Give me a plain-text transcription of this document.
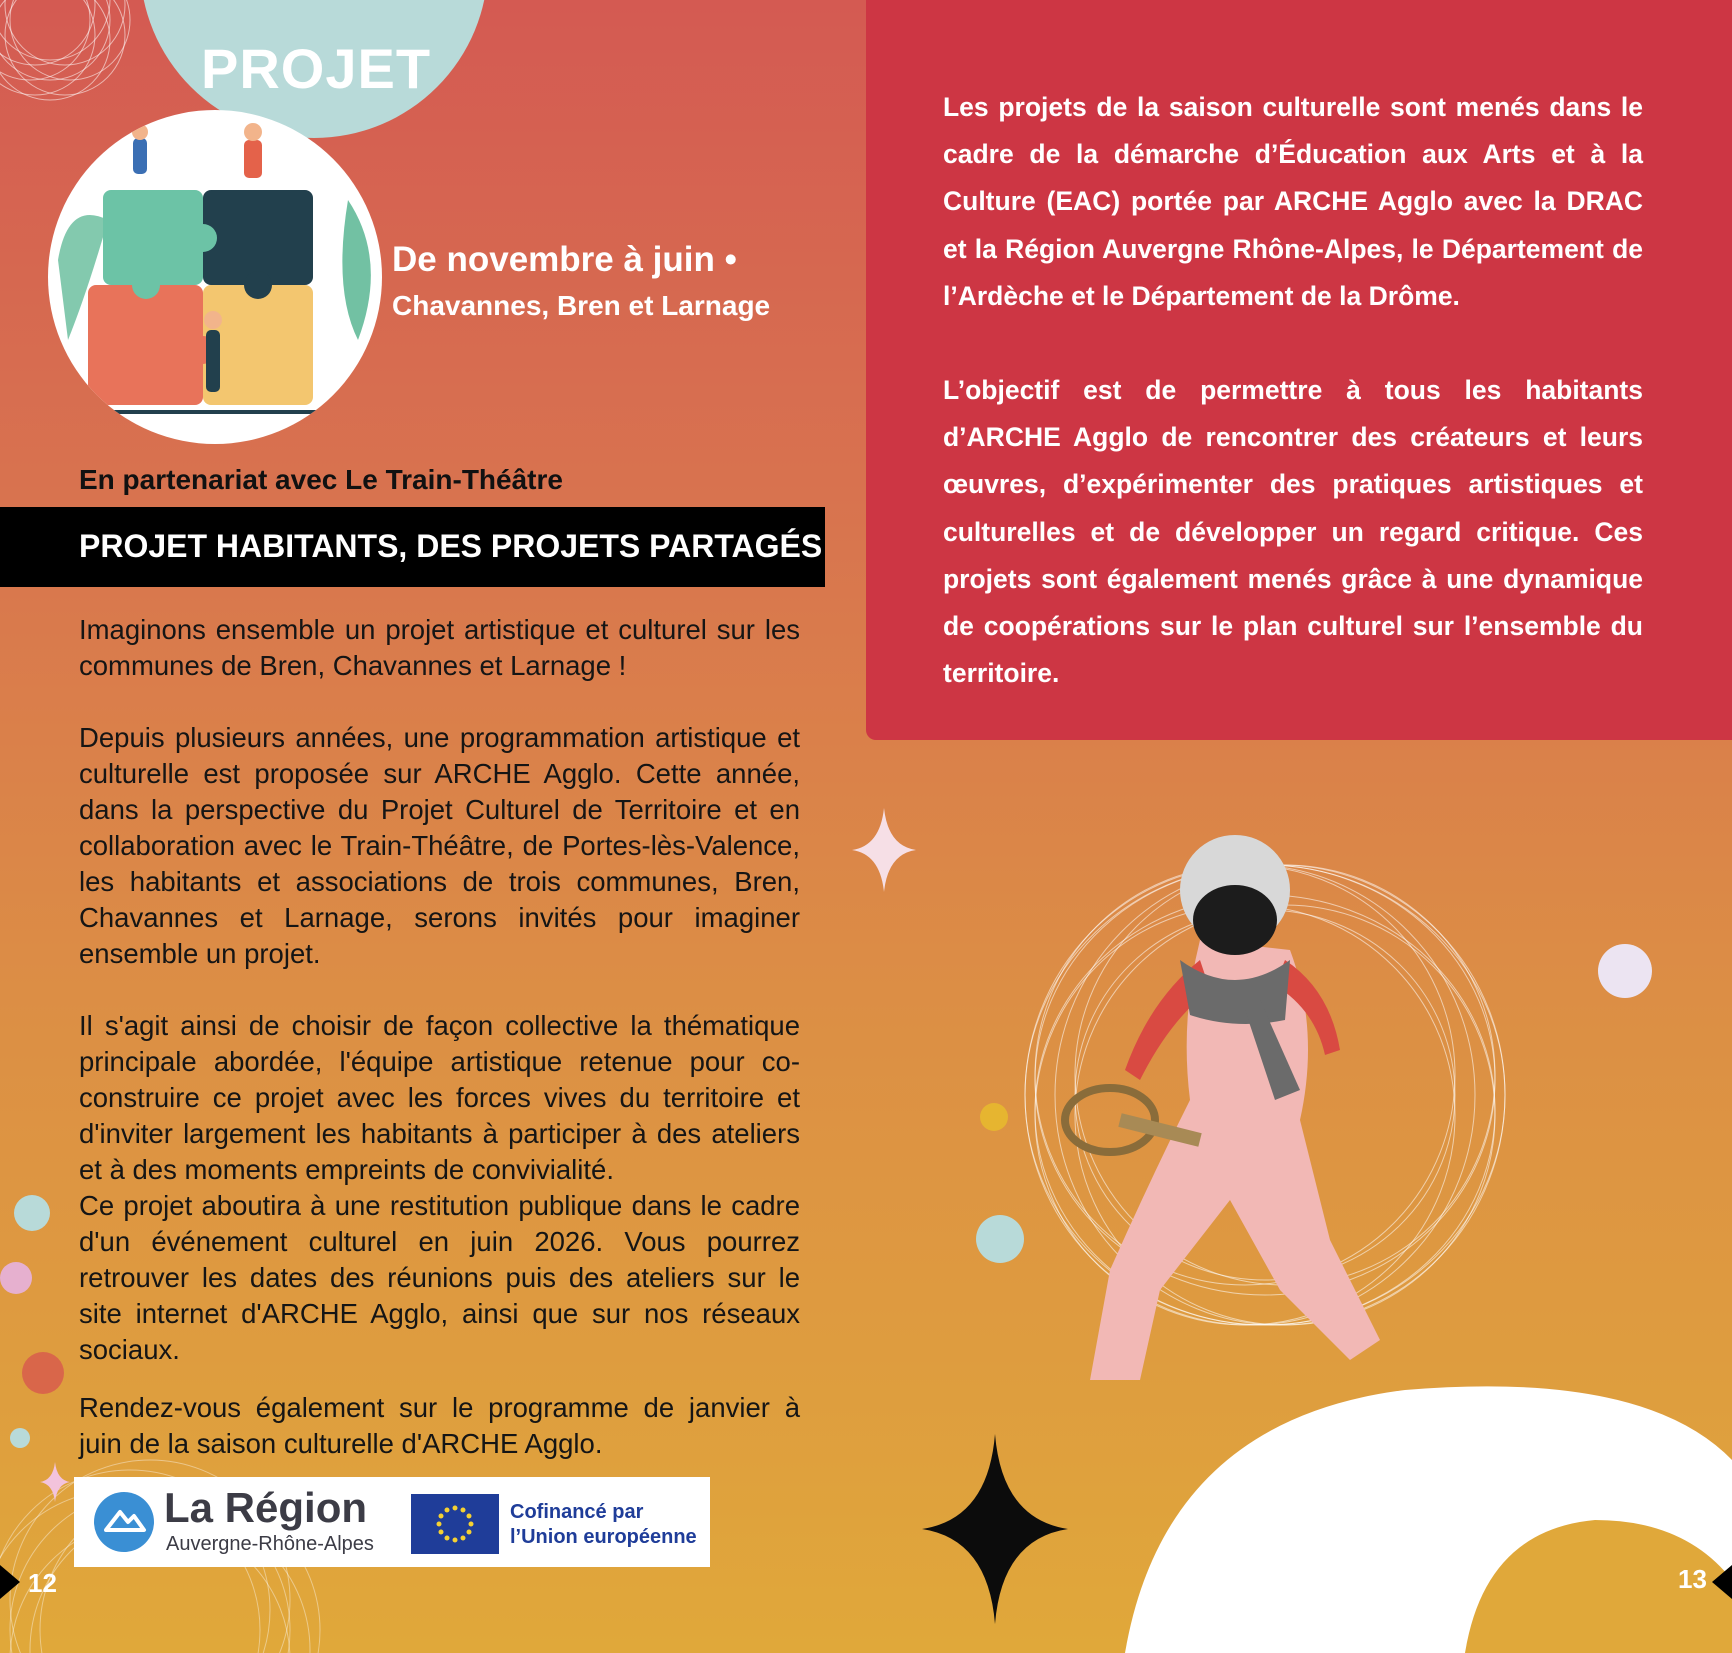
PROJET
De novembre à juin •
Chavannes, Bren et Larnage
En partenariat avec Le Train-Théâtre
PROJET HABITANTS, DES PROJETS PARTAGÉS

Imaginons ensemble un projet artistique et culturel sur les communes de Bren, Chavannes et Larnage !

Depuis plusieurs années, une programmation artistique et culturelle est proposée sur ARCHE Agglo. Cette année, dans la perspective du Projet Culturel de Territoire et en collaboration avec le Train-Théâtre, de Portes-lès-Valence, les habitants et associations de trois communes, Bren, Chavannes et Larnage, serons invités pour imaginer ensemble un projet.

Il s'agit ainsi de choisir de façon collective la thématique principale abordée, l'équipe artistique retenue pour co-construire ce projet avec les forces vives du territoire et d'inviter largement les habitants à participer à des ateliers et à des moments empreints de convivialité.

Ce projet aboutira à une restitution publique dans le cadre d'un événement culturel en juin 2026. Vous pourrez retrouver les dates des réunions puis des ateliers sur le site internet d'ARCHE Agglo, ainsi que sur nos réseaux sociaux.

Rendez-vous également sur le programme de janvier à juin de la saison culturelle d'ARCHE Agglo.

Les projets de la saison culturelle sont menés dans le cadre de la démarche d’Éducation aux Arts et à la Culture (EAC) portée par ARCHE Agglo avec la DRAC et la Région Auvergne Rhône-Alpes, le Département de l’Ardèche et le Département de la Drôme.

L’objectif est de permettre à tous les habitants d’ARCHE Agglo de rencontrer des créateurs et leurs œuvres, d’expérimenter des pratiques artistiques et culturelles et de développer un regard critique. Ces projets sont également menés grâce à une dynamique de coopérations sur le plan culturel sur l’ensemble du territoire.

La Région
Auvergne-Rhône-Alpes
Cofinancé par
l’Union européenne
12	13
